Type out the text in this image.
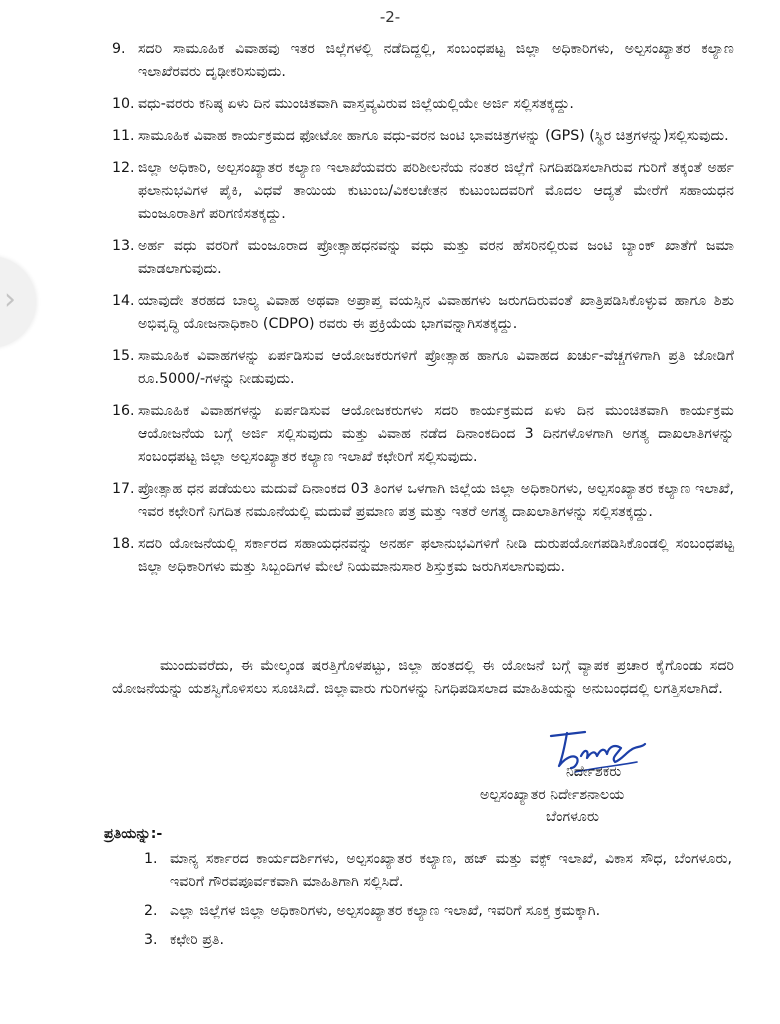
-2-
›
9. ಸದರಿ ಸಾಮೂಹಿಕ ವಿವಾಹವು ಇತರ ಜಿಲ್ಲೆಗಳಲ್ಲಿ ನಡೆದಿದ್ದಲ್ಲಿ, ಸಂಬಂಧಪಟ್ಟ ಜಿಲ್ಲಾ ಅಧಿಕಾರಿಗಳು, ಅಲ್ಪಸಂಖ್ಯಾತರ ಕಲ್ಯಾಣ ಇಲಾಖೆರವರು ದೃಢೀಕರಿಸುವುದು.
10. ವಧು-ವರರು ಕನಿಷ್ಠ ಏಳು ದಿನ ಮುಂಚಿತವಾಗಿ ವಾಸ್ತವ್ಯವಿರುವ ಜಿಲ್ಲೆಯಲ್ಲಿಯೇ ಅರ್ಜಿ ಸಲ್ಲಿಸತಕ್ಕದ್ದು.
11. ಸಾಮೂಹಿಕ ವಿವಾಹ ಕಾರ್ಯಕ್ರಮದ ಫೋಟೋ ಹಾಗೂ ವಧು-ವರನ ಜಂಟಿ ಭಾವಚಿತ್ರಗಳನ್ನು (GPS) (ಸ್ಥಿರ ಚಿತ್ರಗಳನ್ನು)ಸಲ್ಲಿಸುವುದು.
12. ಜಿಲ್ಲಾ ಅಧಿಕಾರಿ, ಅಲ್ಪಸಂಖ್ಯಾತರ ಕಲ್ಯಾಣ ಇಲಾಖೆಯವರು ಪರಿಶೀಲನೆಯ ನಂತರ ಜಿಲ್ಲೆಗೆ ನಿಗದಿಪಡಿಸಲಾಗಿರುವ ಗುರಿಗೆ ತಕ್ಕಂತೆ ಅರ್ಹ ಫಲಾನುಭವಿಗಳ ಪೈಕಿ, ವಿಧವೆ ತಾಯಿಯ ಕುಟುಂಬ/ವಿಕಲಚೇತನ ಕುಟುಂಬದವರಿಗೆ ಮೊದಲ ಆದ್ಯತೆ ಮೇರೆಗೆ ಸಹಾಯಧನ ಮಂಜೂರಾತಿಗೆ ಪರಿಗಣಿಸತಕ್ಕದ್ದು.
13. ಅರ್ಹ ವಧು ವರರಿಗೆ ಮಂಜೂರಾದ ಪ್ರೋತ್ಸಾಹಧನವನ್ನು ವಧು ಮತ್ತು ವರನ ಹೆಸರಿನಲ್ಲಿರುವ ಜಂಟಿ ಬ್ಯಾಂಕ್ ಖಾತೆಗೆ ಜಮಾ ಮಾಡಲಾಗುವುದು.
14. ಯಾವುದೇ ತರಹದ ಬಾಲ್ಯ ವಿವಾಹ ಅಥವಾ ಅಪ್ರಾಪ್ತ ವಯಸ್ಸಿನ ವಿವಾಹಗಳು ಜರುಗದಿರುವಂತೆ ಖಾತ್ರಿಪಡಿಸಿಕೊಳ್ಳುವ ಹಾಗೂ ಶಿಶು ಅಭಿವೃದ್ಧಿ ಯೋಜನಾಧಿಕಾರಿ (CDPO) ರವರು ಈ ಪ್ರಕ್ರಿಯೆಯ ಭಾಗವನ್ನಾಗಿಸತಕ್ಕದ್ದು.
15. ಸಾಮೂಹಿಕ ವಿವಾಹಗಳನ್ನು ಏರ್ಪಡಿಸುವ ಆಯೋಜಕರುಗಳಿಗೆ ಪ್ರೋತ್ಸಾಹ ಹಾಗೂ ವಿವಾಹದ ಖರ್ಚು-ವೆಚ್ಚಗಳಿಗಾಗಿ ಪ್ರತಿ ಜೋಡಿಗೆ ರೂ.5000/-ಗಳನ್ನು ನೀಡುವುದು.
16. ಸಾಮೂಹಿಕ ವಿವಾಹಗಳನ್ನು ಏರ್ಪಡಿಸುವ ಆಯೋಜಕರುಗಳು ಸದರಿ ಕಾರ್ಯಕ್ರಮದ ಏಳು ದಿನ ಮುಂಚಿತವಾಗಿ ಕಾರ್ಯಕ್ರಮ ಆಯೋಜನೆಯ ಬಗ್ಗೆ ಅರ್ಜಿ ಸಲ್ಲಿಸುವುದು ಮತ್ತು ವಿವಾಹ ನಡೆದ ದಿನಾಂಕದಿಂದ 3 ದಿನಗಳೊಳಗಾಗಿ ಅಗತ್ಯ ದಾಖಲಾತಿಗಳನ್ನು ಸಂಬಂಧಪಟ್ಟ ಜಿಲ್ಲಾ ಅಲ್ಪಸಂಖ್ಯಾತರ ಕಲ್ಯಾಣ ಇಲಾಖೆ ಕಛೇರಿಗೆ ಸಲ್ಲಿಸುವುದು.
17. ಪ್ರೋತ್ಸಾಹ ಧನ ಪಡೆಯಲು ಮದುವೆ ದಿನಾಂಕದ 03 ತಿಂಗಳ ಒಳಗಾಗಿ ಜಿಲ್ಲೆಯ ಜಿಲ್ಲಾ ಅಧಿಕಾರಿಗಳು, ಅಲ್ಪಸಂಖ್ಯಾತರ ಕಲ್ಯಾಣ ಇಲಾಖೆ, ಇವರ ಕಛೇರಿಗೆ ನಿಗದಿತ ನಮೂನೆಯಲ್ಲಿ ಮದುವೆ ಪ್ರಮಾಣ ಪತ್ರ ಮತ್ತು ಇತರೆ ಅಗತ್ಯ ದಾಖಲಾತಿಗಳನ್ನು ಸಲ್ಲಿಸತಕ್ಕದ್ದು.
18. ಸದರಿ ಯೋಜನೆಯಲ್ಲಿ ಸರ್ಕಾರದ ಸಹಾಯಧನವನ್ನು ಅನರ್ಹ ಫಲಾನುಭವಿಗಳಿಗೆ ನೀಡಿ ದುರುಪಯೋಗಪಡಿಸಿಕೊಂಡಲ್ಲಿ ಸಂಬಂಧಪಟ್ಟ ಜಿಲ್ಲಾ ಅಧಿಕಾರಿಗಳು ಮತ್ತು ಸಿಬ್ಬಂದಿಗಳ ಮೇಲೆ ನಿಯಮಾನುಸಾರ ಶಿಸ್ತುಕ್ರಮ ಜರುಗಿಸಲಾಗುವುದು.

ಮುಂದುವರೆದು, ಈ ಮೇಲ್ಕಂಡ ಷರತ್ತಿಗೊಳಪಟ್ಟು, ಜಿಲ್ಲಾ ಹಂತದಲ್ಲಿ ಈ ಯೋಜನೆ ಬಗ್ಗೆ ವ್ಯಾಪಕ ಪ್ರಚಾರ ಕೈಗೊಂಡು ಸದರಿ ಯೋಜನೆಯನ್ನು ಯಶಸ್ವಿಗೊಳಿಸಲು ಸೂಚಿಸಿದೆ. ಜಿಲ್ಲಾವಾರು ಗುರಿಗಳನ್ನು ನಿಗಧಿಪಡಿಸಲಾದ ಮಾಹಿತಿಯನ್ನು ಅನುಬಂಧದಲ್ಲಿ ಲಗತ್ತಿಸಲಾಗಿದೆ.

ನಿರ್ದೇಶಕರು
ಅಲ್ಪಸಂಖ್ಯಾತರ ನಿರ್ದೇಶನಾಲಯ
ಬೆಂಗಳೂರು
ಪ್ರತಿಯನ್ನು:-
1. ಮಾನ್ಯ ಸರ್ಕಾರದ ಕಾರ್ಯದರ್ಶಿಗಳು, ಅಲ್ಪಸಂಖ್ಯಾತರ ಕಲ್ಯಾಣ, ಹಜ್ ಮತ್ತು ವಕ್ಫ್ ಇಲಾಖೆ, ವಿಕಾಸ ಸೌಧ, ಬೆಂಗಳೂರು, ಇವರಿಗೆ ಗೌರವಪೂರ್ವಕವಾಗಿ ಮಾಹಿತಿಗಾಗಿ ಸಲ್ಲಿಸಿದೆ.
2. ಎಲ್ಲಾ ಜಿಲ್ಲೆಗಳ ಜಿಲ್ಲಾ ಅಧಿಕಾರಿಗಳು, ಅಲ್ಪಸಂಖ್ಯಾತರ ಕಲ್ಯಾಣ ಇಲಾಖೆ, ಇವರಿಗೆ ಸೂಕ್ತ ಕ್ರಮಕ್ಕಾಗಿ.
3. ಕಛೇರಿ ಪ್ರತಿ.
